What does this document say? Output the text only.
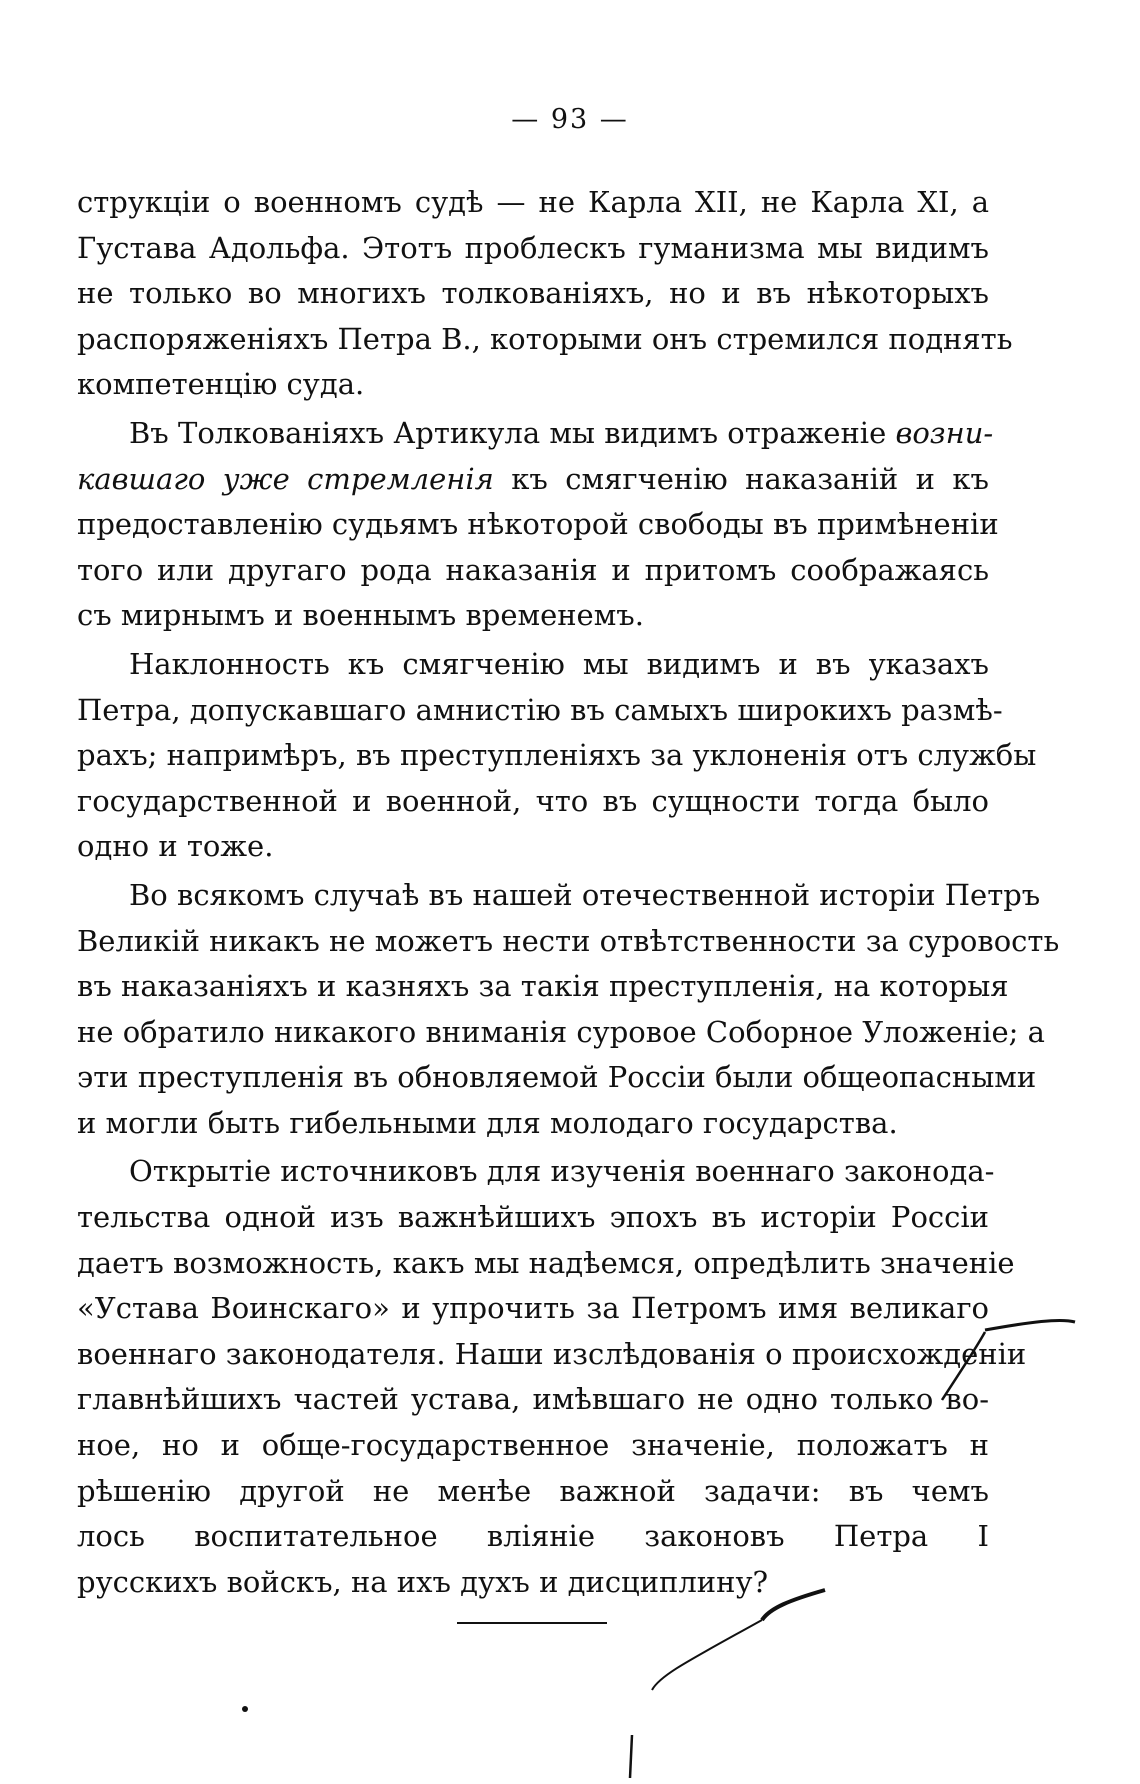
— 93 —
струкціи о военномъ судѣ — не Карла XII, не Карла XI, а
Густава Адольфа. Этотъ проблескъ гуманизма мы видимъ
не только во многихъ толкованіяхъ, но и въ нѣкоторыхъ
распоряженіяхъ Петра В., которыми онъ стремился поднять
компетенцію суда.
Въ Толкованіяхъ Артикула мы видимъ отраженіе возни-
кавшаго уже стремленія къ смягченію наказаній и къ
предоставленію судьямъ нѣкоторой свободы въ примѣненіи
того или другаго рода наказанія и притомъ соображаясь
съ мирнымъ и военнымъ временемъ.
Наклонность къ смягченію мы видимъ и въ указахъ
Петра, допускавшаго амнистію въ самыхъ широкихъ размѣ-
рахъ; напримѣръ, въ преступленіяхъ за уклоненія отъ службы
государственной и военной, что въ сущности тогда было
одно и тоже.
Во всякомъ случаѣ въ нашей отечественной исторіи Петръ
Великій никакъ не можетъ нести отвѣтственности за суровость
въ наказаніяхъ и казняхъ за такія преступленія, на которыя
не обратило никакого вниманія суровое Соборное Уложеніе; а
эти преступленія въ обновляемой Россіи были общеопасными
и могли быть гибельными для молодаго государства.
Открытіе источниковъ для изученія военнаго законода-
тельства одной изъ важнѣйшихъ эпохъ въ исторіи Россіи
даетъ возможность, какъ мы надѣемся, опредѣлить значеніе
«Устава Воинскаго» и упрочить за Петромъ имя великаго
военнаго законодателя. Наши изслѣдованія о происхожденіи
главнѣйшихъ частей устава, имѣвшаго не одно только во-
ное, но и обще-государственное значеніе, положатъ н
рѣшенію другой не менѣе важной задачи: въ чемъ
лось воспитательное вліяніе законовъ Петра I
русскихъ войскъ, на ихъ духъ и дисциплину?
